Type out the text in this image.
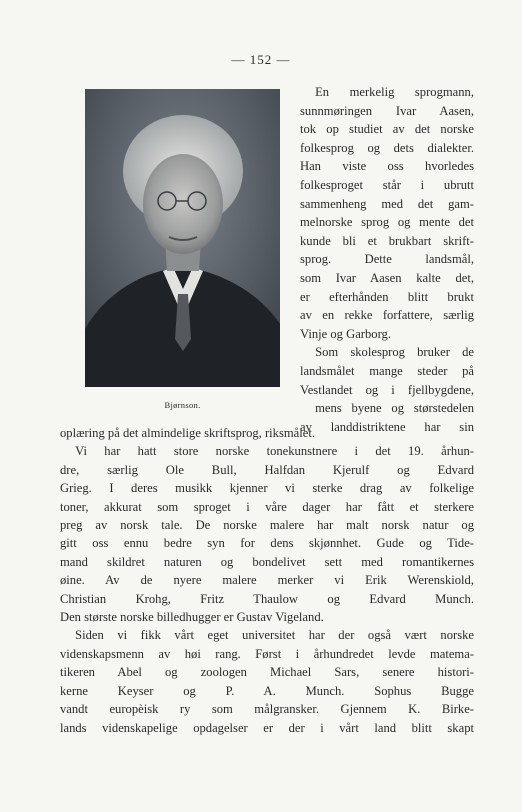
— 152 —
Bjørnson.

En merkelig sprogmann,
sunnmøringen Ivar Aasen,
tok op studiet av det norske
folkesprog og dets dialekter.
Han viste oss hvorledes
folkesproget står i ubrutt
sammenheng med det gam-
melnorske sprog og mente det
kunde bli et brukbart skrift-
sprog. Dette landsmål,
som Ivar Aasen kalte det,
er efterhånden blitt brukt
av en rekke forfattere, særlig
Vinje og Garborg.

Som skolesprog bruker de
landsmålet mange steder på
Vestlandet og i fjellbygdene,
mens byene og størstedelen
av landdistriktene har sin

oplæring på det almindelige skriftsprog, riksmålet.
Vi har hatt store norske tonekunstnere i det 19. århun-
dre, særlig Ole Bull, Halfdan Kjerulf og Edvard
Grieg. I deres musikk kjenner vi sterke drag av folkelige
toner, akkurat som sproget i våre dager har fått et sterkere
preg av norsk tale. De norske malere har malt norsk natur og
gitt oss ennu bedre syn for dens skjønnhet. Gude og Tide-
mand skildret naturen og bondelivet sett med romantikernes
øine. Av de nyere malere merker vi Erik Werenskiold,
Christian Krohg, Fritz Thaulow og Edvard Munch.
Den største norske billedhugger er Gustav Vigeland.
Siden vi fikk vårt eget universitet har der også vært norske
videnskapsmenn av høi rang. Først i århundredet levde matema-
tikeren Abel og zoologen Michael Sars, senere histori-
kerne Keyser og P. A. Munch. Sophus Bugge
vandt europèisk ry som målgransker. Gjennem K. Birke-
lands videnskapelige opdagelser er der i vårt land blitt skapt
